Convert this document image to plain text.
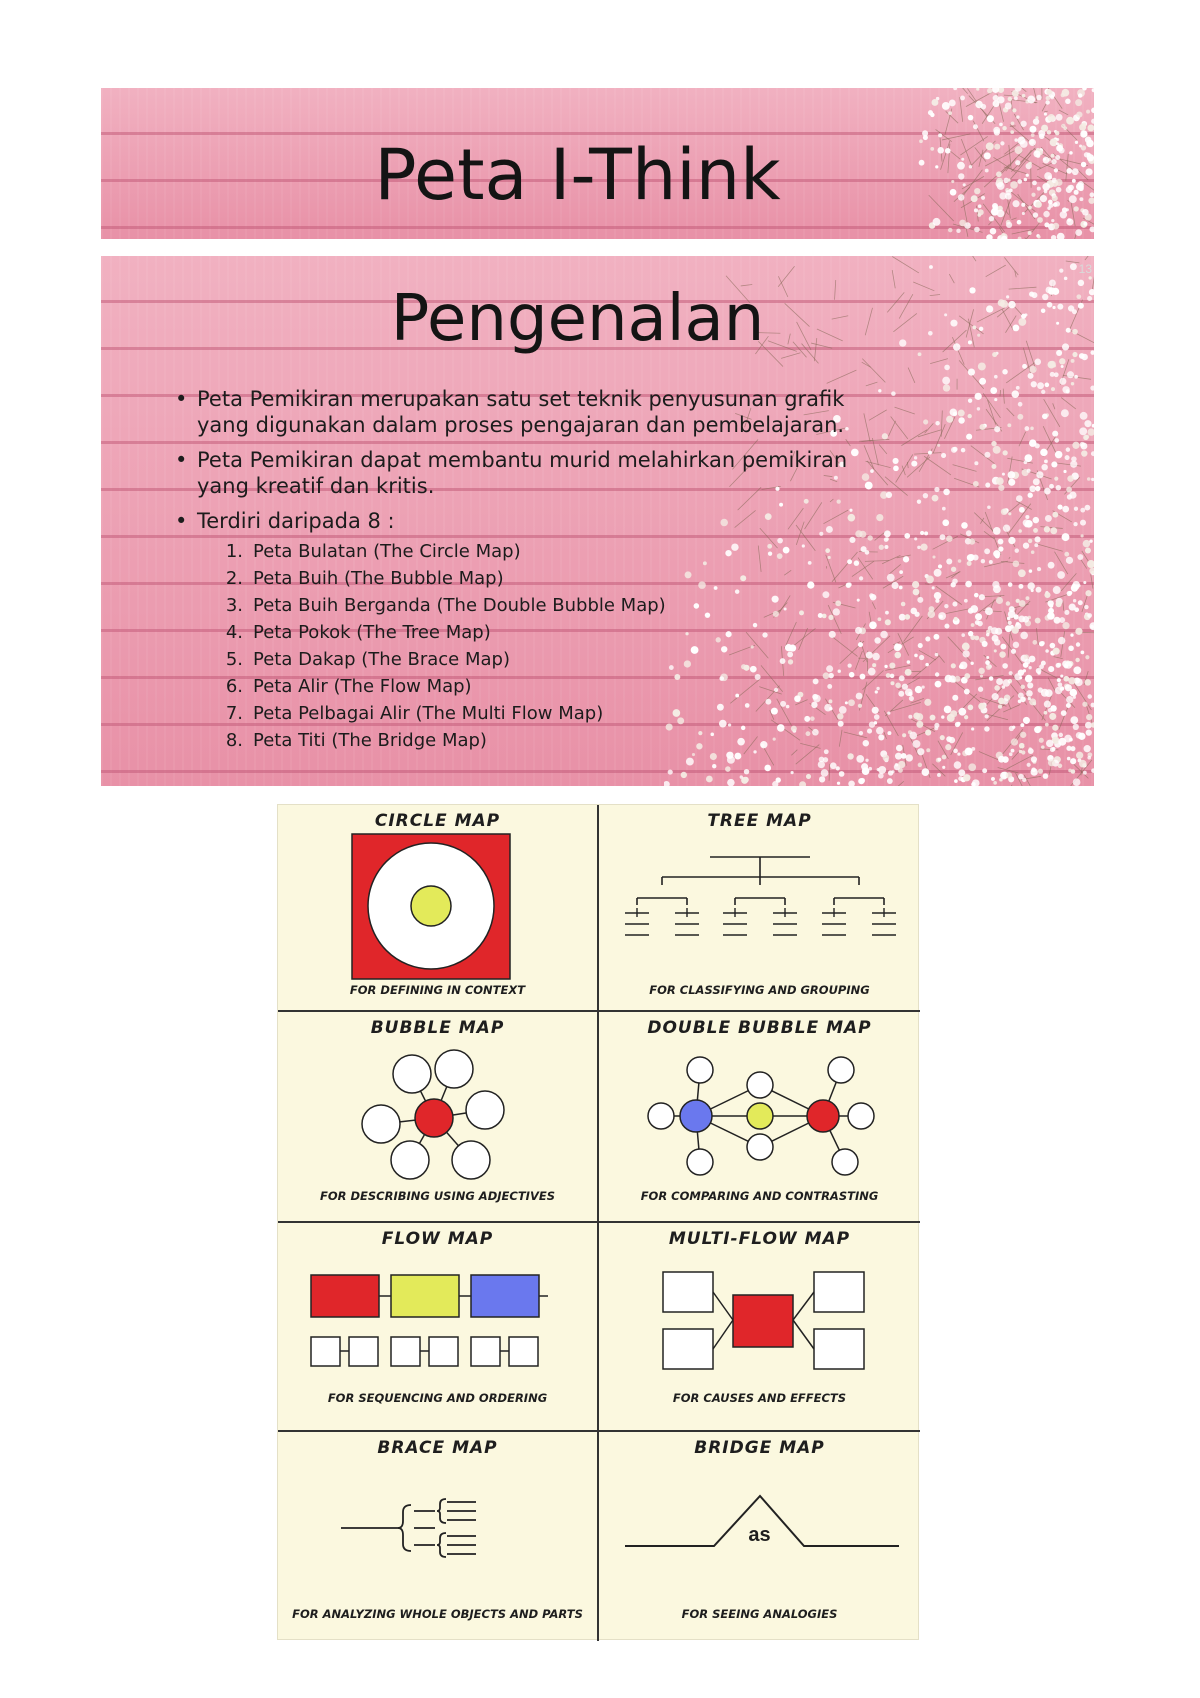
Peta I-Think
13
Pengenalan
• Peta Pemikiran merupakan satu set teknik penyusunan grafik yang digunakan dalam proses pengajaran dan pembelajaran.
• Peta Pemikiran dapat membantu murid melahirkan pemikiran yang kreatif dan kritis.
• Terdiri daripada 8 :
1. Peta Bulatan (The Circle Map)
2. Peta Buih (The Bubble Map)
3. Peta Buih Berganda (The Double Bubble Map)
4. Peta Pokok (The Tree Map)
5. Peta Dakap (The Brace Map)
6. Peta Alir (The Flow Map)
7. Peta Pelbagai Alir (The Multi Flow Map)
8. Peta Titi (The Bridge Map)
CIRCLE MAP
FOR DEFINING IN CONTEXT
TREE MAP
FOR CLASSIFYING AND GROUPING
BUBBLE MAP
FOR DESCRIBING USING ADJECTIVES
DOUBLE BUBBLE MAP
FOR COMPARING AND CONTRASTING
FLOW MAP
FOR SEQUENCING AND ORDERING
MULTI-FLOW MAP
FOR CAUSES AND EFFECTS
BRACE MAP
FOR ANALYZING WHOLE OBJECTS AND PARTS
BRIDGE MAP
as
FOR SEEING ANALOGIES
